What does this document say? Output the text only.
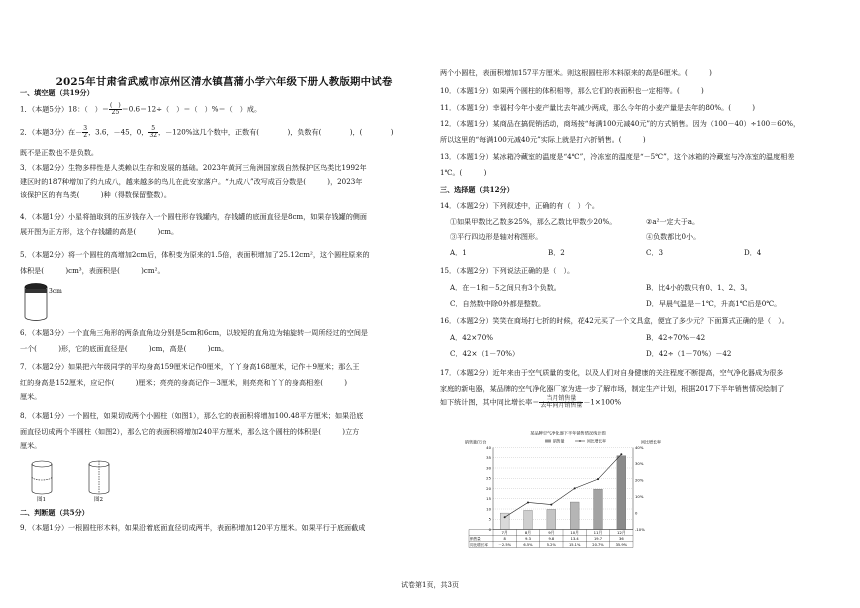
2025年甘肃省武威市凉州区清水镇菖蒲小学六年级下册人教版期中试卷

一、填空题（共19分）

1．（本题5分）18：（　）＝ $\frac{( )}{25} =0.6=12\div$（　）＝（　）%＝（　）成。

2．（本题3分）在－ $\frac{3}{2}$ ，3.6，－45，0， $\frac{5}{32}$ ，－120%这几个数中，正数有(　　　　)，负数有(　　　　)，(　　　　)

既不是正数也不是负数。

3．（本题2分）生物多样性是人类赖以生存和发展的基础。2023年黄河三角洲国家级自然保护区鸟类比1992年

建区时的187种增加了约九成八，越来越多的鸟儿在此安家落户。“九成八”改写成百分数是(　　　)，2023年

该保护区的有鸟类(　　　)种（得数保留整数）。

4．（本题1分）小星将抽取到的压岁钱存入一个圆柱形存钱罐内，存钱罐的底面直径是8cm，如果存钱罐的侧面

展开图为正方形，这个存钱罐的高是(　　　)cm。

5．（本题2分）将一个圆柱的高增加2cm后，体积变为原来的1.5倍，表面积增加了25.12cm²，这个圆柱原来的

体积是(　　　)cm³，表面积是(　　　)cm²。

6．（本题3分）一个直角三角形的两条直角边分别是5cm和6cm，以较短的直角边为轴旋转一周所经过的空间是

一个(　　　)形，它的底面直径是(　　　)cm，高是(　　　)cm。

7．（本题2分）如果把六年级同学的平均身高159厘米记作0厘米，丫丫身高168厘米，记作＋9厘米；那么王

红的身高是152厘米，应记作(　　　)厘米；亮亮的身高记作－3厘米，则亮亮和丫丫的身高相差(　　　)

厘米。

8．（本题1分）一个圆柱，如果切成两个小圆柱（如图1），那么它的表面积将增加100.48平方厘米；如果沿底

面直径切成两个半圆柱（如图2），那么它的表面积将增加240平方厘米，那么这个圆柱的体积是(　　　)立方

厘米。

二、判断题（共5分）

9．（本题1分）一根圆柱形木料，如果沿着底面直径切成两半，表面积增加120平方厘米。如果平行于底面截成

3cm
图1	图2

两个小圆柱，表面积增加157平方厘米。则这根圆柱形木料原来的高是6厘米。(　　　)

10．（本题1分）如果两个圆柱的体积相等，那么它们的表面积也一定相等。(　　　)

11．（本题1分）幸福村今年小麦产量比去年减少两成，那么今年的小麦产量是去年的80%。(　　　)

12．（本题1分）某商品在搞促销活动，商场按“每满100元减40元”的方式销售。因为（100－40）÷100＝60%，

所以这里的“每满100元减40元”实际上就是打六折销售。(　　　)

13．（本题1分）某冰箱冷藏室的温度是“4℃”，冷冻室的温度是“－5℃”，这个冰箱的冷藏室与冷冻室的温度相差

1℃。(　　　)

三、选择题（共12分）

14．（本题2分）下列叙述中，正确的有（　）个。

①如果甲数比乙数多25%，那么乙数比甲数少20%。	②a²一定大于a。
③平行四边形是轴对称图形。	④负数都比0小。
A．1	B．2	C．3	D．4

15．（本题2分）下列说法正确的是（　）。

A．在－1和－5之间只有3个负数。	B．比4小的数只有0、1、2、3。
C．自然数中除0外都是整数。	D．早晨气温是－1℃，升高1℃后是0℃。

16．（本题2分）笑笑在商场打七折的时候，花42元买了一个文具盒，便宜了多少元？下面算式正确的是（　）。

A．42×70%	B．42÷70%－42
C．42×（1－70%）	D．42÷（1－70%）－42

17．（本题2分）近年来由于空气质量的变化，以及人们对自身健康的关注程度不断提高，空气净化器成为很多

家庭的新电器，某品牌的空气净化器厂家为进一步了解市场，制定生产计划，根据2017下半年销售情况绘制了

如下统计图，其中同比增长率＝ $\frac{\text{当月销售量}}{\text{去年同月销售量}} -1\times 100\%$

某品牌空气净化器下半年销售情况统计图
销售量/万台	同比增长率
销售量	同比增长率
0
5
10
15
20
25
30
35
40
-10%
0
10%
20%
30%
40%
7月	8月	9月	10月	11月	12月
销售量	8	9.3	9.8	13.4	19.7	36
同比增长率	－2.5%	6.5%	5.2%	15.1%	20.7%	35.9%
试卷第1页，共3页
